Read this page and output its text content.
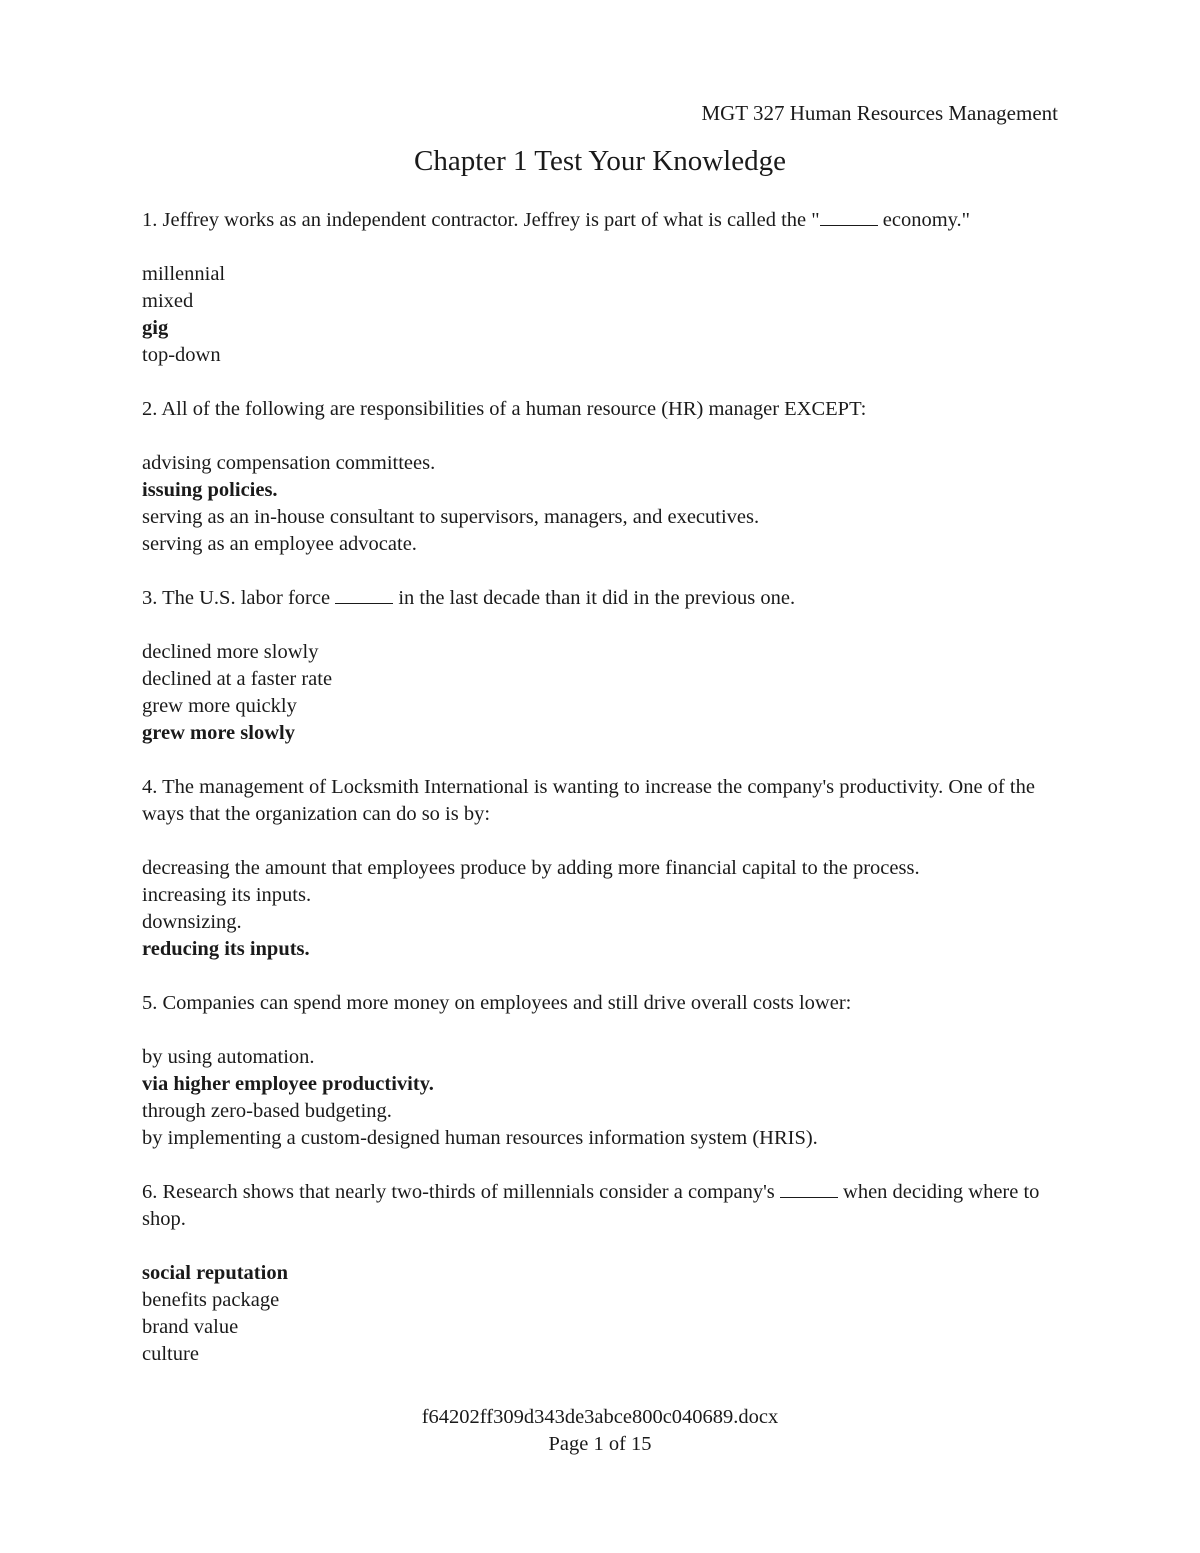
MGT 327 Human Resources Management
Chapter 1 Test Your Knowledge
1. Jeffrey works as an independent contractor. Jeffrey is part of what is called the "	economy."
millennial
mixed
gig
top-down
2. All of the following are responsibilities of a human resource (HR) manager EXCEPT:
advising compensation committees.
issuing policies.
serving as an in-house consultant to supervisors, managers, and executives.
serving as an employee advocate.
3. The U.S. labor force	in the last decade than it did in the previous one.
declined more slowly
declined at a faster rate
grew more quickly
grew more slowly
4. The management of Locksmith International is wanting to increase the company's productivity. One of the ways that the organization can do so is by:
decreasing the amount that employees produce by adding more financial capital to the process.
increasing its inputs.
downsizing.
reducing its inputs.
5. Companies can spend more money on employees and still drive overall costs lower:
by using automation.
via higher employee productivity.
through zero-based budgeting.
by implementing a custom-designed human resources information system (HRIS).
6. Research shows that nearly two-thirds of millennials consider a company's	when deciding where to shop.
social reputation
benefits package
brand value
culture
f64202ff309d343de3abce800c040689.docx
Page 1 of 15
